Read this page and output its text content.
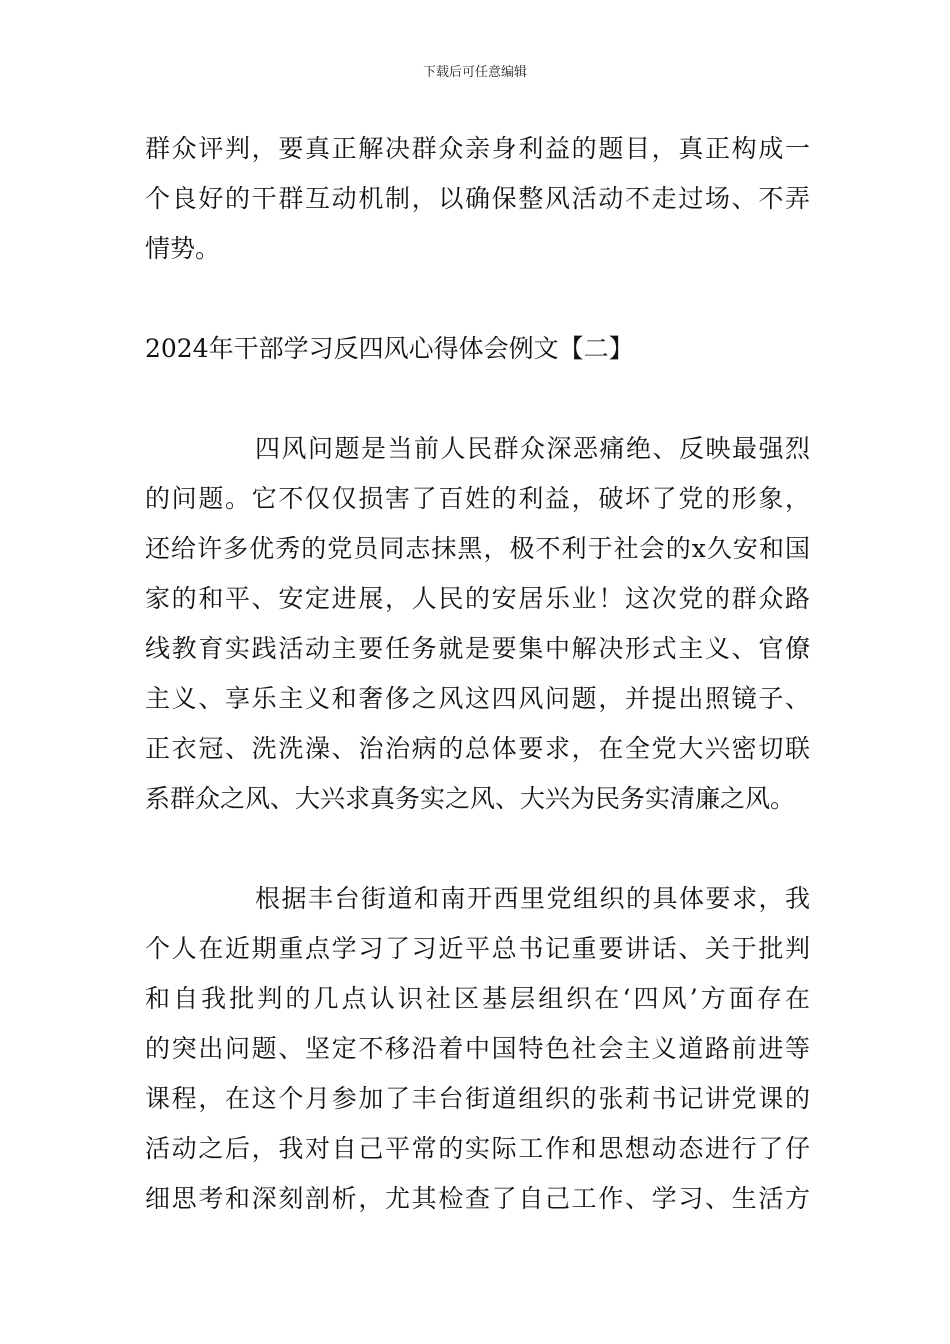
下载后可任意编辑
群众评判，要真正解决群众亲身利益的题目，真正构成一
个良好的干群互动机制，以确保整风活动不走过场、不弄
情势。
2024年干部学习反四风心得体会例文【二】
四风问题是当前人民群众深恶痛绝、反映最强烈
的问题。它不仅仅损害了百姓的利益，破坏了党的形象，
还给许多优秀的党员同志抹黑，极不利于社会的x久安和国
家的和平、安定进展，人民的安居乐业！这次党的群众路
线教育实践活动主要任务就是要集中解决形式主义、官僚
主义、享乐主义和奢侈之风这四风问题，并提出照镜子、
正衣冠、洗洗澡、治治病的总体要求，在全党大兴密切联
系群众之风、大兴求真务实之风、大兴为民务实清廉之风。
根据丰台街道和南开西里党组织的具体要求，我
个人在近期重点学习了习近平总书记重要讲话、关于批判
和自我批判的几点认识社区基层组织在‘四风’方面存在
的突出问题、坚定不移沿着中国特色社会主义道路前进等
课程，在这个月参加了丰台街道组织的张莉书记讲党课的
活动之后，我对自己平常的实际工作和思想动态进行了仔
细思考和深刻剖析，尤其检查了自己工作、学习、生活方
